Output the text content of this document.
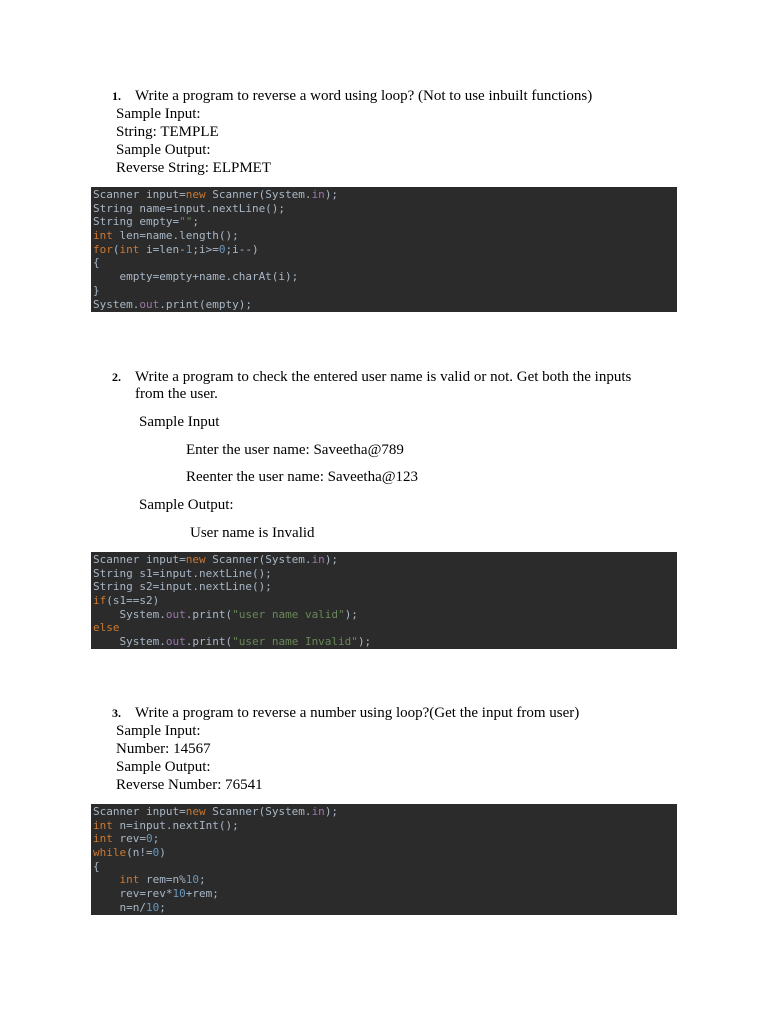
1. Write a program to reverse a word using loop? (Not to use inbuilt functions)
Sample Input:
String: TEMPLE
Sample Output:
Reverse String: ELPMET
Scanner input=new Scanner(System.in);
String name=input.nextLine();
String empty="";
int len=name.length();
for(int i=len-1;i>=0;i--)
{
empty=empty+name.charAt(i);
}
System.out.print(empty);
2. Write a program to check the entered user name is valid or not. Get both the inputs
from the user.
Sample Input
Enter the user name: Saveetha@789
Reenter the user name: Saveetha@123
Sample Output:
User name is Invalid
Scanner input=new Scanner(System.in);
String s1=input.nextLine();
String s2=input.nextLine();
if(s1==s2)
System.out.print("user name valid");
else
System.out.print("user name Invalid");
3. Write a program to reverse a number using loop?(Get the input from user)
Sample Input:
Number: 14567
Sample Output:
Reverse Number: 76541
Scanner input=new Scanner(System.in);
int n=input.nextInt();
int rev=0;
while(n!=0)
{
int rem=n%10;
rev=rev*10+rem;
n=n/10;
